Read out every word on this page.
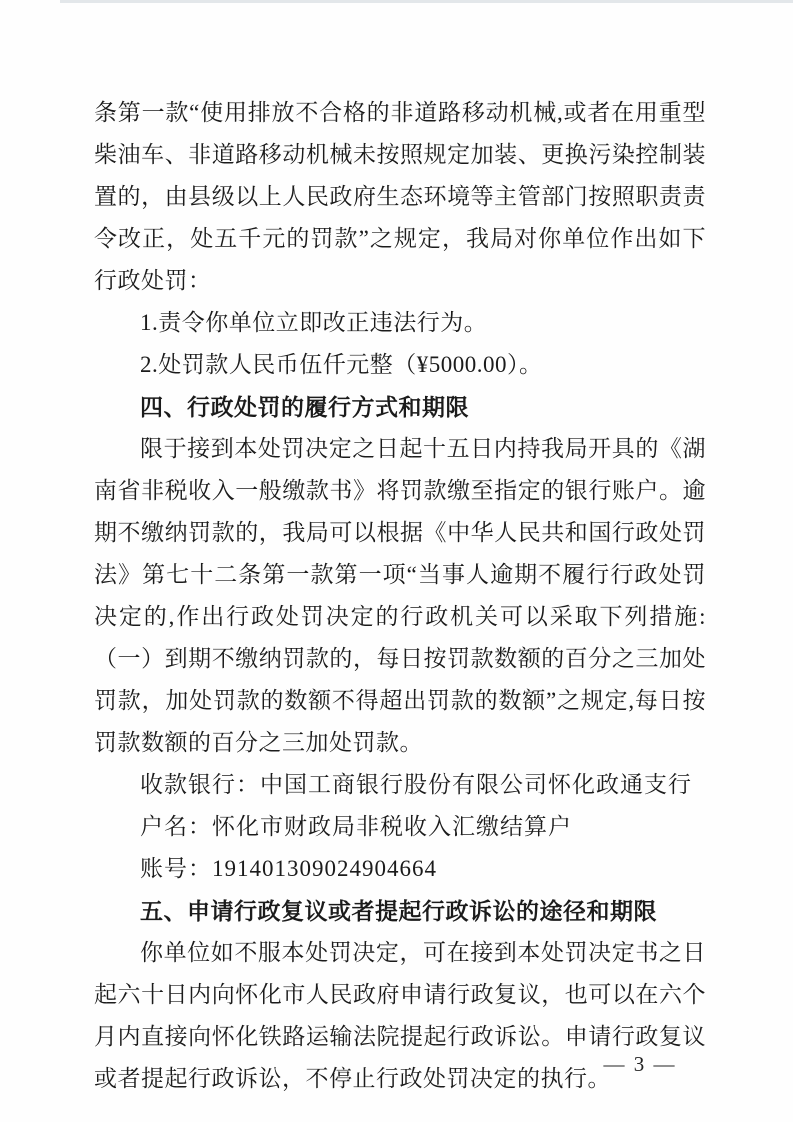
条第一款“使用排放不合格的非道路移动机械,或者在用重型柴油车、非道路移动机械未按照规定加装、更换污染控制装置的，由县级以上人民政府生态环境等主管部门按照职责责令改正，处五千元的罚款”之规定，我局对你单位作出如下行政处罚：

1.责令你单位立即改正违法行为。

2.处罚款人民币伍仟元整（¥5000.00）。

四、行政处罚的履行方式和期限

限于接到本处罚决定之日起十五日内持我局开具的《湖南省非税收入一般缴款书》将罚款缴至指定的银行账户。逾期不缴纳罚款的，我局可以根据《中华人民共和国行政处罚法》第七十二条第一款第一项“当事人逾期不履行行政处罚决定的,作出行政处罚决定的行政机关可以采取下列措施:（一）到期不缴纳罚款的，每日按罚款数额的百分之三加处罚款，加处罚款的数额不得超出罚款的数额”之规定,每日按罚款数额的百分之三加处罚款。

收款银行：中国工商银行股份有限公司怀化政通支行

户名：怀化市财政局非税收入汇缴结算户

账号：191401309024904664

五、申请行政复议或者提起行政诉讼的途径和期限

你单位如不服本处罚决定，可在接到本处罚决定书之日起六十日内向怀化市人民政府申请行政复议，也可以在六个月内直接向怀化铁路运输法院提起行政诉讼。申请行政复议或者提起行政诉讼，不停止行政处罚决定的执行。

— 3 —
